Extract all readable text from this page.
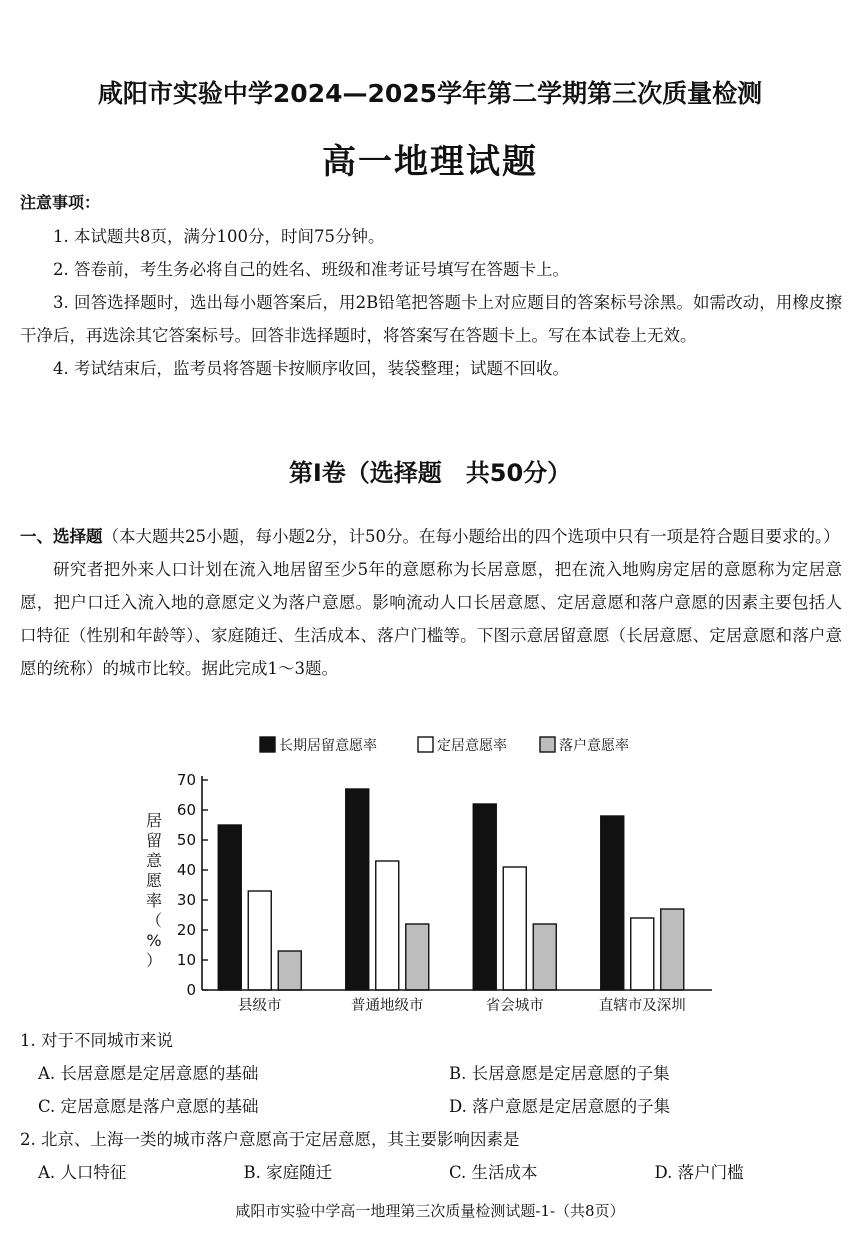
咸阳市实验中学2024—2025学年第二学期第三次质量检测
高一地理试题
注意事项：

1. 本试题共8页，满分100分，时间75分钟。

2. 答卷前，考生务必将自己的姓名、班级和准考证号填写在答题卡上。

3. 回答选择题时，选出每小题答案后，用2B铅笔把答题卡上对应题目的答案标号涂黑。如需改动，用橡皮擦干净后，再选涂其它答案标号。回答非选择题时，将答案写在答题卡上。写在本试卷上无效。

4. 考试结束后，监考员将答题卡按顺序收回，装袋整理；试题不回收。

第Ⅰ卷（选择题　共50分）

一、选择题（本大题共25小题，每小题2分，计50分。在每小题给出的四个选项中只有一项是符合题目要求的。）

研究者把外来人口计划在流入地居留至少5年的意愿称为长居意愿，把在流入地购房定居的意愿称为定居意愿，把户口迁入流入地的意愿定义为落户意愿。影响流动人口长居意愿、定居意愿和落户意愿的因素主要包括人口特征（性别和年龄等）、家庭随迁、生活成本、落户门槛等。下图示意居留意愿（长居意愿、定居意愿和落户意愿的统称）的城市比较。据此完成1～3题。

长期居留意愿率	定居意愿率	落户意愿率
0
10
20
30
40
50
60
70
县级市	普通地级市	省会城市	直辖市及深圳
居留意愿率（%）

1. 对于不同城市来说

A. 长居意愿是定居意愿的基础	B. 长居意愿是定居意愿的子集
C. 定居意愿是落户意愿的基础	D. 落户意愿是定居意愿的子集

2. 北京、上海一类的城市落户意愿高于定居意愿，其主要影响因素是

A. 人口特征	B. 家庭随迁	C. 生活成本	D. 落户门槛
咸阳市实验中学高一地理第三次质量检测试题-1-（共8页）
